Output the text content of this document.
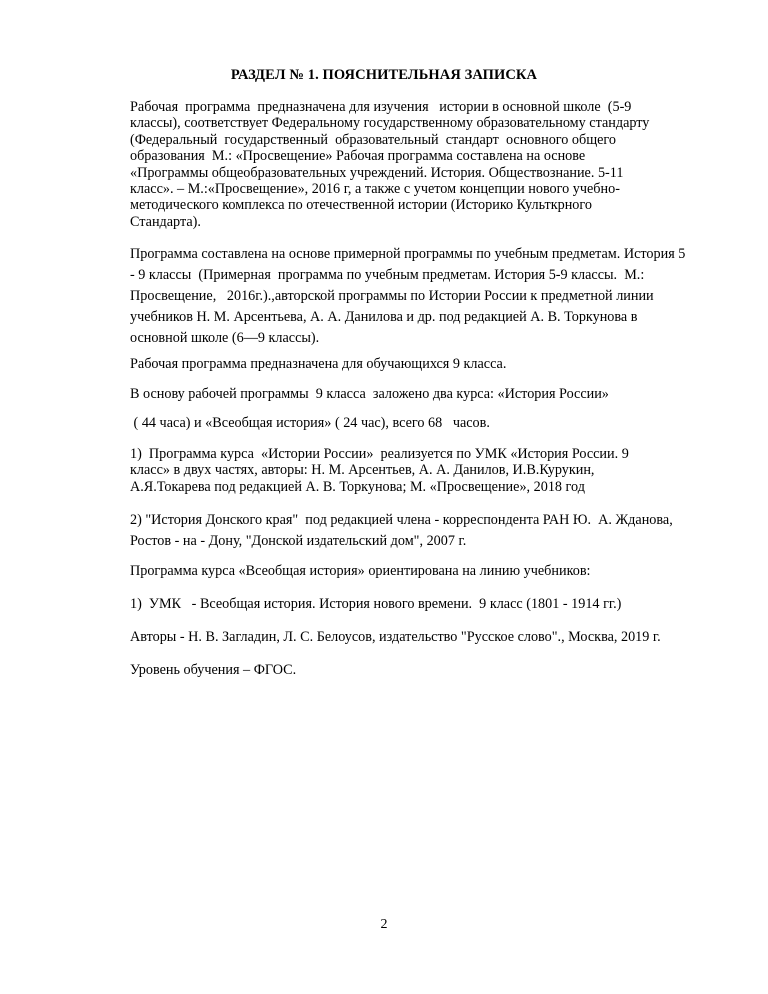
РАЗДЕЛ № 1. ПОЯСНИТЕЛЬНАЯ ЗАПИСКА

Рабочая  программа  предназначена для изучения   истории в основной школе  (5-9
классы), соответствует Федеральному государственному образовательному стандарту
(Федеральный  государственный  образовательный  стандарт  основного общего
образования  М.: «Просвещение» Рабочая программа составлена на основе
«Программы общеобразовательных учреждений. История. Обществознание. 5-11
класс». – М.:«Просвещение», 2016 г, а также с учетом концепции нового учебно-
методического комплекса по отечественной истории (Историко Культкрного
Стандарта).

Программа составлена на основе примерной программы по учебным предметам. История 5
- 9 классы  (Примерная  программа по учебным предметам. История 5-9 классы.  М.:
Просвещение,   2016г.).,авторской программы по Истории России к предметной линии
учебников Н. М. Арсентьева, А. А. Данилова и др. под редакцией А. В. Торкунова в
основной школе (6—9 классы).

Рабочая программа предназначена для обучающихся 9 класса.

В основу рабочей программы  9 класса  заложено два курса: «История России»

( 44 часа) и «Всеобщая история» ( 24 час), всего 68   часов.

1)  Программа курса  «Истории России»  реализуется по УМК «История России. 9
класс» в двух частях, авторы: Н. М. Арсентьев, А. А. Данилов, И.В.Курукин,
А.Я.Токарева под редакцией А. В. Торкунова; М. «Просвещение», 2018 год

2) "История Донского края"  под редакцией члена - корреспондента РАН Ю.  А. Жданова,
Ростов - на - Дону, "Донской издательский дом", 2007 г.

Программа курса «Всеобщая история» ориентирована на линию учебников:

1)  УМК   - Всеобщая история. История нового времени.  9 класс (1801 - 1914 гг.)

Авторы - Н. В. Загладин, Л. С. Белоусов, издательство "Русское слово"., Москва, 2019 г.

Уровень обучения – ФГОС.

2
